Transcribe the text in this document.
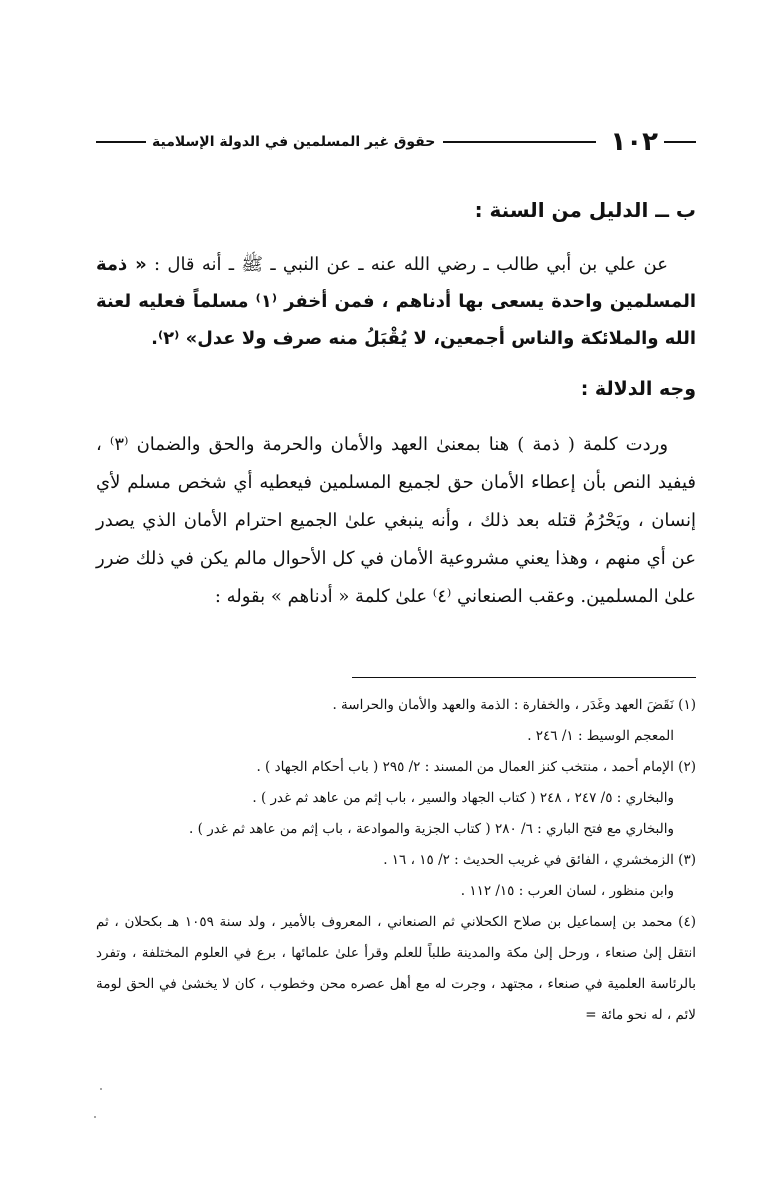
١٠٢
حقوق غير المسلمين في الدولة الإسلامية
ب ــ الدليل من السنة :
عن علي بن أبي طالب ـ رضي الله عنه ـ عن النبي ـ ﷺ ـ أنه قال : « ذمة المسلمين واحدة يسعى بها أدناهم ، فمن أخفر ⁽١⁾ مسلماً فعليه لعنة الله والملائكة والناس أجمعين، لا يُقْبَلُ منه صرف ولا عدل» ⁽٢⁾.
وجه الدلالة :
وردت كلمة ( ذمة ) هنا بمعنىٰ العهد والأمان والحرمة والحق والضمان ⁽٣⁾ ، فيفيد النص بأن إعطاء الأمان حق لجميع المسلمين فيعطيه أي شخص مسلم لأي إنسان ، ويَحْرُمُ قتله بعد ذلك ، وأنه ينبغي علىٰ الجميع احترام الأمان الذي يصدر عن أي منهم ، وهذا يعني مشروعية الأمان في كل الأحوال مالم يكن في ذلك ضرر علىٰ المسلمين. وعقب الصنعاني ⁽٤⁾ علىٰ كلمة « أدناهم » بقوله :
(١) نَقَضَ العهد وغَدَر ، والخفارة : الذمة والعهد والأمان والحراسة .
المعجم الوسيط : ١/ ٢٤٦ .
(٢) الإمام أحمد ، منتخب كنز العمال من المسند : ٢/ ٢٩٥ ( باب أحكام الجهاد ) .
والبخاري : ٥/ ٢٤٧ ، ٢٤٨ ( كتاب الجهاد والسير ، باب إثم من عاهد ثم غدر ) .
والبخاري مع فتح الباري : ٦/ ٢٨٠ ( كتاب الجزية والموادعة ، باب إثم من عاهد ثم غدر ) .
(٣) الزمخشري ، الفائق في غريب الحديث : ٢/ ١٥ ، ١٦ .
وابن منظور ، لسان العرب : ١٥/ ١١٢ .
(٤) محمد بن إسماعيل بن صلاح الكحلاني ثم الصنعاني ، المعروف بالأمير ، ولد سنة ١٠٥٩ هـ بكحلان ، ثم انتقل إلىٰ صنعاء ، ورحل إلىٰ مكة والمدينة طلباً للعلم وقرأ علىٰ علمائها ، برع في العلوم المختلفة ، وتفرد بالرئاسة العلمية في صنعاء ، مجتهد ، وجرت له مع أهل عصره محن وخطوب ، كان لا يخشىٰ في الحق لومة لائم ، له نحو مائة =
